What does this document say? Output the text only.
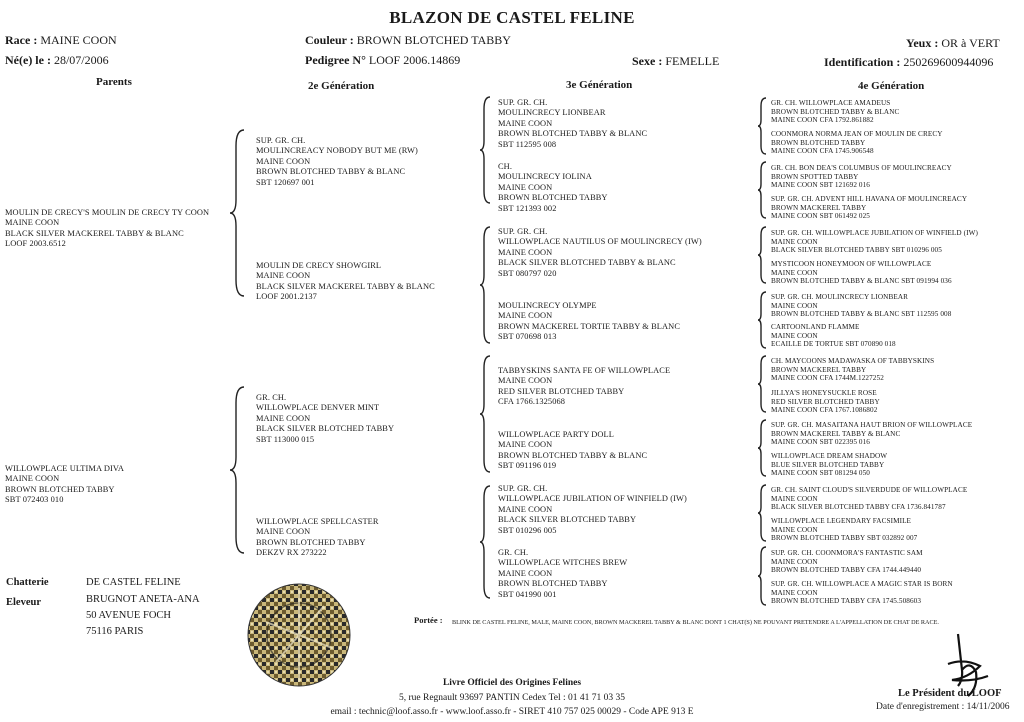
BLAZON DE CASTEL FELINE
Race : MAINE COON	Couleur : BROWN BLOTCHED TABBY	Yeux : OR à VERT
Né(e) le : 28/07/2006	Pedigree N° LOOF 2006.14869	Sexe : FEMELLE	Identification : 250269600944096
Parents	2e Génération	3e Génération	4e Génération
MOULIN DE CRECY'S MOULIN DE CRECY TY COON
MAINE COON
BLACK SILVER MACKEREL TABBY & BLANC
LOOF 2003.6512
WILLOWPLACE ULTIMA DIVA
MAINE COON
BROWN BLOTCHED TABBY
SBT 072403 010
SUP. GR. CH.
MOULINCREACY NOBODY BUT ME (RW)
MAINE COON
BROWN BLOTCHED TABBY & BLANC
SBT 120697 001
MOULIN DE CRECY SHOWGIRL
MAINE COON
BLACK SILVER MACKEREL TABBY & BLANC
LOOF 2001.2137
GR. CH.
WILLOWPLACE DENVER MINT
MAINE COON
BLACK SILVER BLOTCHED TABBY
SBT 113000 015
WILLOWPLACE SPELLCASTER
MAINE COON
BROWN BLOTCHED TABBY
DEKZV RX 273222
SUP. GR. CH.
MOULINCRECY LIONBEAR
MAINE COON
BROWN BLOTCHED TABBY & BLANC
SBT 112595 008
CH.
MOULINCRECY IOLINA
MAINE COON
BROWN BLOTCHED TABBY
SBT 121393 002
SUP. GR. CH.
WILLOWPLACE NAUTILUS OF MOULINCRECY (IW)
MAINE COON
BLACK SILVER BLOTCHED TABBY & BLANC
SBT 080797 020
MOULINCRECY OLYMPE
MAINE COON
BROWN MACKEREL TORTIE TABBY & BLANC
SBT 070698 013
TABBYSKINS SANTA FE OF WILLOWPLACE
MAINE COON
RED SILVER BLOTCHED TABBY
CFA 1766.1325068
WILLOWPLACE PARTY DOLL
MAINE COON
BROWN BLOTCHED TABBY & BLANC
SBT 091196 019
SUP. GR. CH.
WILLOWPLACE JUBILATION OF WINFIELD (IW)
MAINE COON
BLACK SILVER BLOTCHED TABBY
SBT 010296 005
GR. CH.
WILLOWPLACE WITCHES BREW
MAINE COON
BROWN BLOTCHED TABBY
SBT 041990 001
GR. CH. WILLOWPLACE AMADEUS
BROWN BLOTCHED TABBY & BLANC
MAINE COON CFA 1792.861882
COONMORA NORMA JEAN OF MOULIN DE CRECY
BROWN BLOTCHED TABBY
MAINE COON CFA 1745.906548
GR. CH. BON DEA'S COLUMBUS OF MOULINCREACY
BROWN SPOTTED TABBY
MAINE COON SBT 121692 016
SUP. GR. CH. ADVENT HILL HAVANA OF MOULINCREACY
BROWN MACKEREL TABBY
MAINE COON SBT 061492 025
SUP. GR. CH. WILLOWPLACE JUBILATION OF WINFIELD (IW)
MAINE COON
BLACK SILVER BLOTCHED TABBY SBT 010296 005
MYSTICOON HONEYMOON OF WILLOWPLACE
MAINE COON
BROWN BLOTCHED TABBY & BLANC SBT 091994 036
SUP. GR. CH. MOULINCRECY LIONBEAR
MAINE COON
BROWN BLOTCHED TABBY & BLANC SBT 112595 008
CARTOONLAND FLAMME
MAINE COON
ECAILLE DE TORTUE SBT 070890 018
CH. MAYCOONS MADAWASKA OF TABBYSKINS
BROWN MACKEREL TABBY
MAINE COON CFA 1744M.1227252
JILLYA'S HONEYSUCKLE ROSE
RED SILVER BLOTCHED TABBY
MAINE COON CFA 1767.1086802
SUP. GR. CH. MASAITANA HAUT BRION OF WILLOWPLACE
BROWN MACKEREL TABBY & BLANC
MAINE COON SBT 022395 016
WILLOWPLACE DREAM SHADOW
BLUE SILVER BLOTCHED TABBY
MAINE COON SBT 081294 050
GR. CH. SAINT CLOUD'S SILVERDUDE OF WILLOWPLACE
MAINE COON
BLACK SILVER BLOTCHED TABBY CFA 1736.841787
WILLOWPLACE LEGENDARY FACSIMILE
MAINE COON
BROWN BLOTCHED TABBY SBT 032892 007
SUP. GR. CH. COONMORA'S FANTASTIC SAM
MAINE COON
BROWN BLOTCHED TABBY CFA 1744.449440
SUP. GR. CH. WILLOWPLACE A MAGIC STAR IS BORN
MAINE COON
BROWN BLOTCHED TABBY CFA 1745.508603
Chatterie	DE CASTEL FELINE
Eleveur	BRUGNOT ANETA-ANA
50 AVENUE FOCH
75116 PARIS
Portée : BLINK DE CASTEL FELINE, MALE, MAINE COON, BROWN MACKEREL TABBY & BLANC DONT 1 CHAT(S) NE POUVANT PRETENDRE A L'APPELLATION DE CHAT DE RACE.
Livre Officiel des Origines Felines
5, rue Regnault 93697 PANTIN Cedex Tel : 01 41 71 03 35
email : technic@loof.asso.fr - www.loof.asso.fr - SIRET 410 757 025 00029 - Code APE 913 E
Le Président du LOOF
Date d'enregistrement : 14/11/2006
